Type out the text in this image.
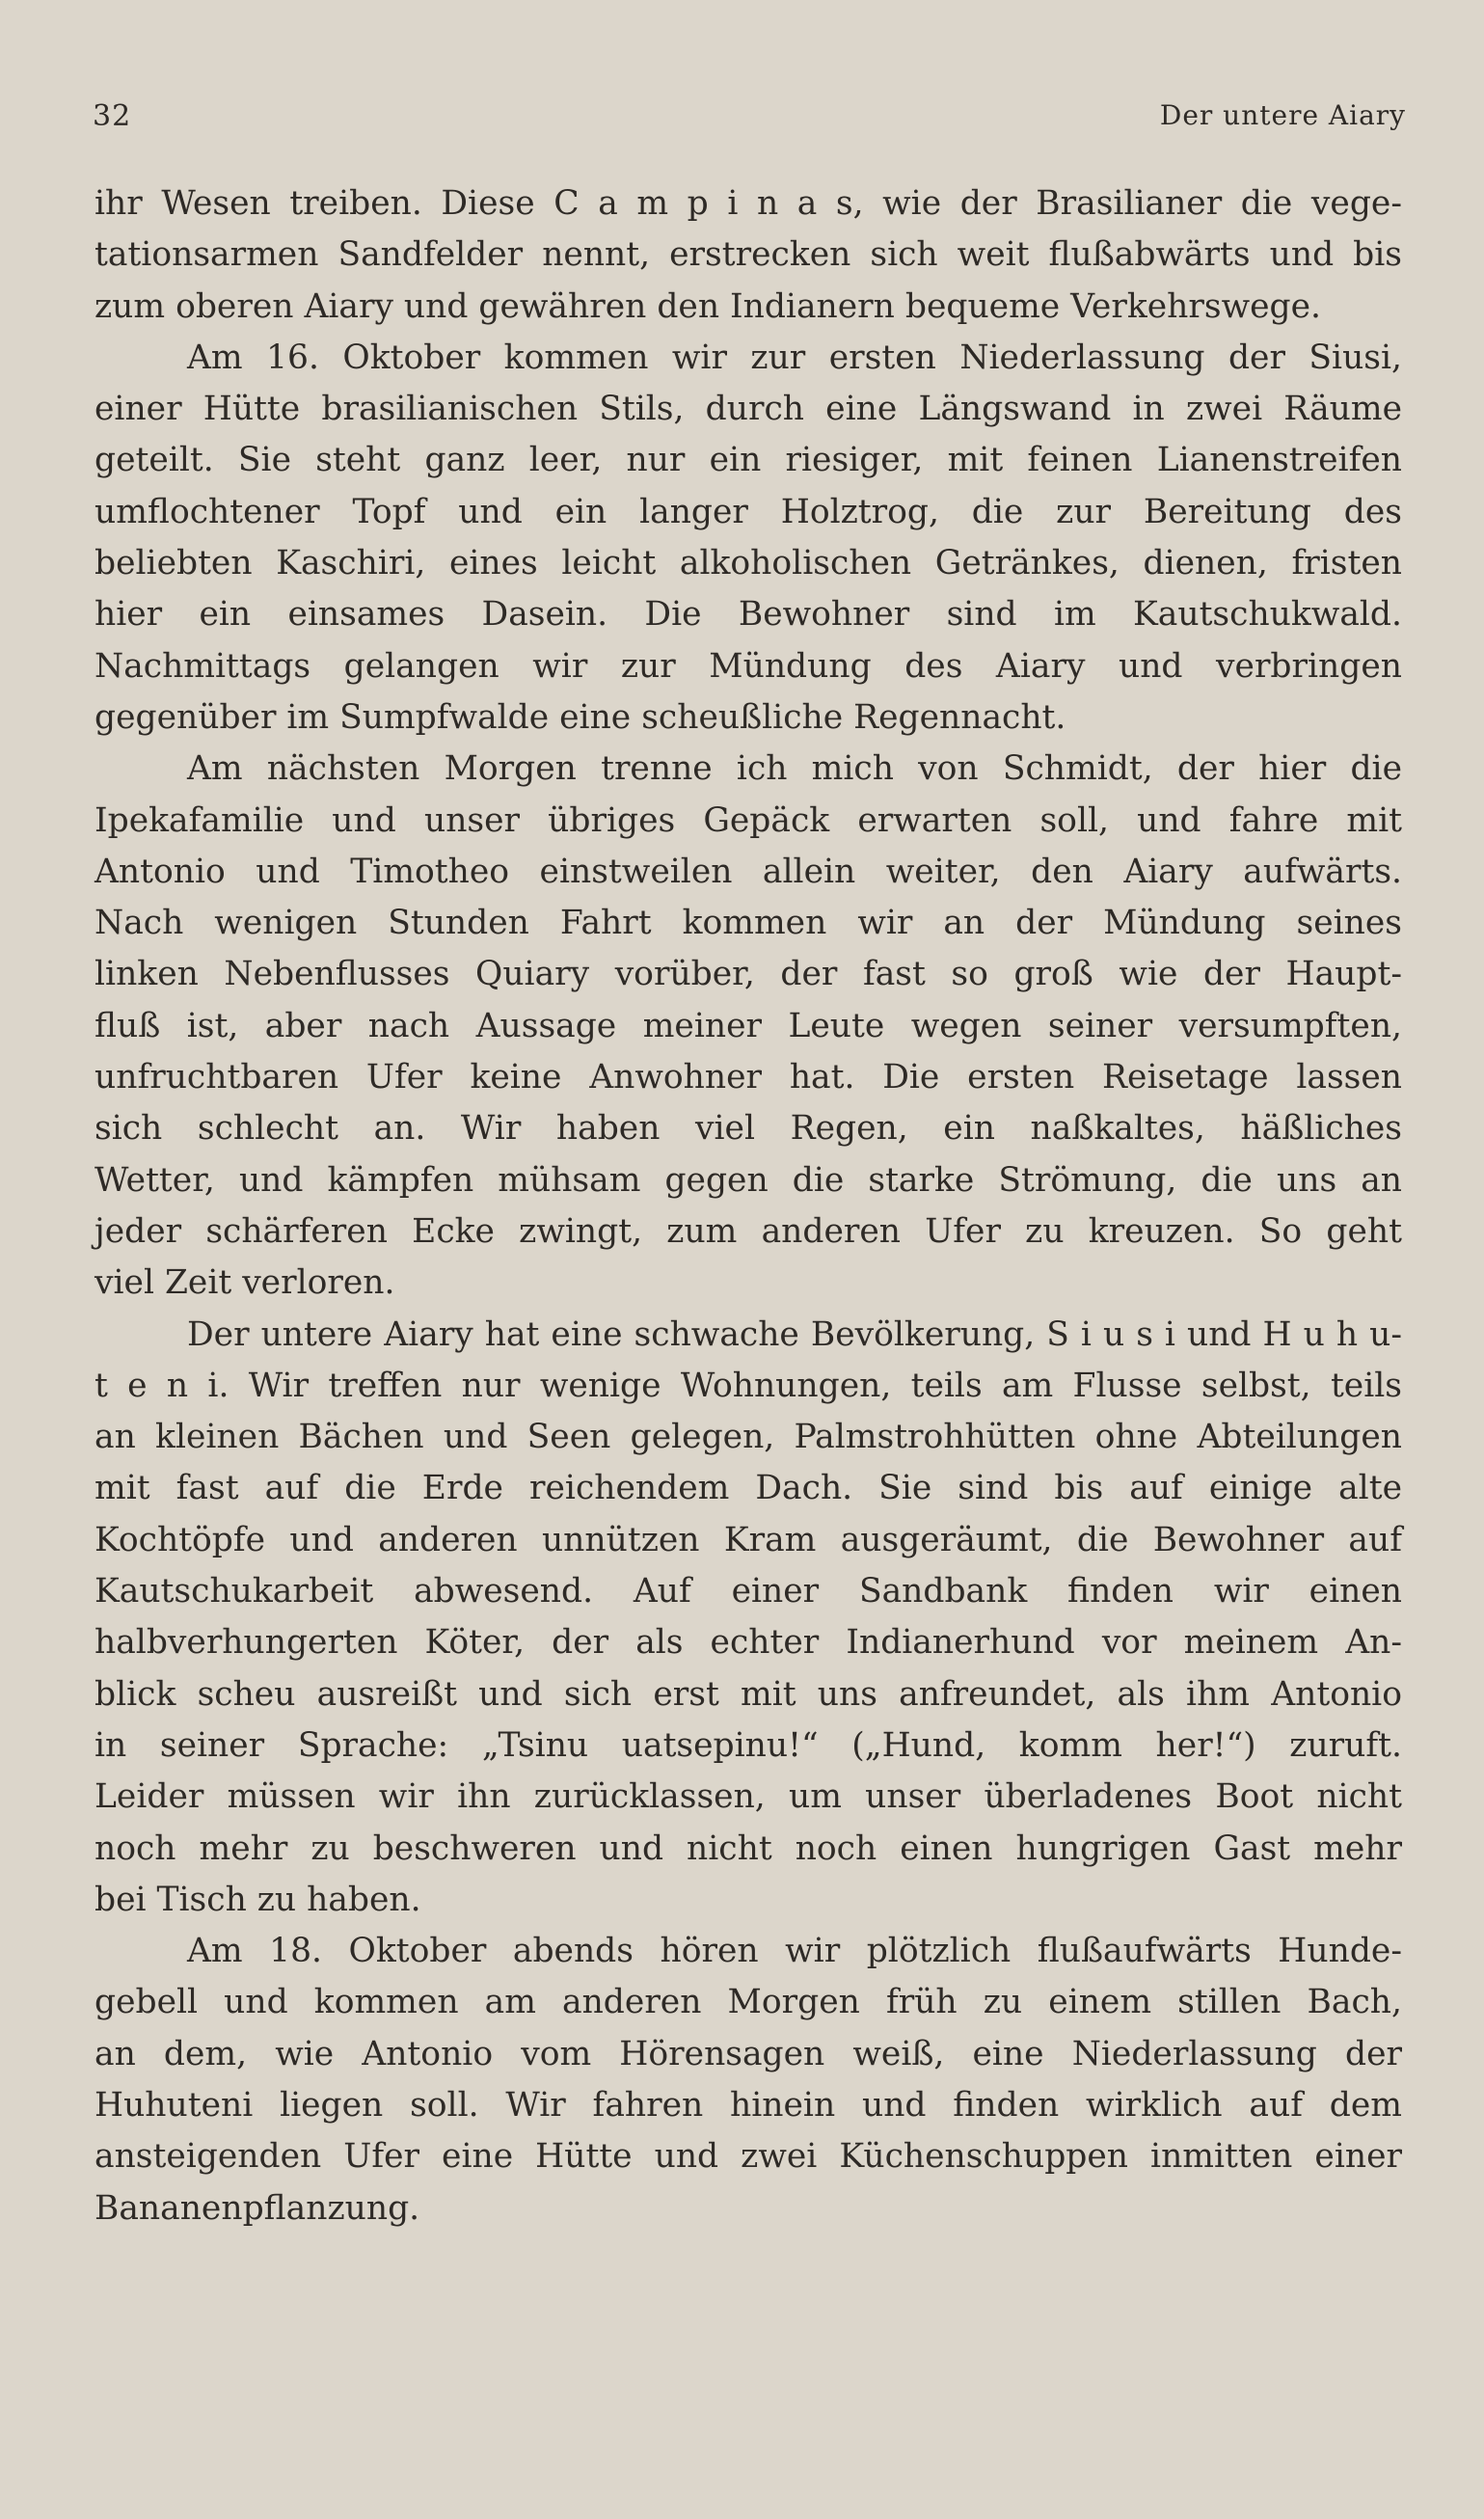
32	Der untere Aiary
ihr Wesen treiben. Diese C a m p i n a s, wie der Brasilianer die vege-
tationsarmen Sandfelder nennt, erstrecken sich weit flußabwärts und bis
zum oberen Aiary und gewähren den Indianern bequeme Verkehrswege.
Am 16. Oktober kommen wir zur ersten Niederlassung der Siusi,
einer Hütte brasilianischen Stils, durch eine Längswand in zwei Räume
geteilt. Sie steht ganz leer, nur ein riesiger, mit feinen Lianenstreifen
umflochtener Topf und ein langer Holztrog, die zur Bereitung des
beliebten Kaschiri, eines leicht alkoholischen Getränkes, dienen, fristen
hier ein einsames Dasein. Die Bewohner sind im Kautschukwald.
Nachmittags gelangen wir zur Mündung des Aiary und verbringen
gegenüber im Sumpfwalde eine scheußliche Regennacht.
Am nächsten Morgen trenne ich mich von Schmidt, der hier die
Ipekafamilie und unser übriges Gepäck erwarten soll, und fahre mit
Antonio und Timotheo einstweilen allein weiter, den Aiary aufwärts.
Nach wenigen Stunden Fahrt kommen wir an der Mündung seines
linken Nebenflusses Quiary vorüber, der fast so groß wie der Haupt-
fluß ist, aber nach Aussage meiner Leute wegen seiner versumpften,
unfruchtbaren Ufer keine Anwohner hat. Die ersten Reisetage lassen
sich schlecht an. Wir haben viel Regen, ein naßkaltes, häßliches
Wetter, und kämpfen mühsam gegen die starke Strömung, die uns an
jeder schärferen Ecke zwingt, zum anderen Ufer zu kreuzen. So geht
viel Zeit verloren.
Der untere Aiary hat eine schwache Bevölkerung, S i u s i und H u h u-
t e n i. Wir treffen nur wenige Wohnungen, teils am Flusse selbst, teils
an kleinen Bächen und Seen gelegen, Palmstrohhütten ohne Abteilungen
mit fast auf die Erde reichendem Dach. Sie sind bis auf einige alte
Kochtöpfe und anderen unnützen Kram ausgeräumt, die Bewohner auf
Kautschukarbeit abwesend. Auf einer Sandbank finden wir einen
halbverhungerten Köter, der als echter Indianerhund vor meinem An-
blick scheu ausreißt und sich erst mit uns anfreundet, als ihm Antonio
in seiner Sprache: „Tsinu uatsepinu!“ („Hund, komm her!“) zuruft.
Leider müssen wir ihn zurücklassen, um unser überladenes Boot nicht
noch mehr zu beschweren und nicht noch einen hungrigen Gast mehr
bei Tisch zu haben.
Am 18. Oktober abends hören wir plötzlich flußaufwärts Hunde-
gebell und kommen am anderen Morgen früh zu einem stillen Bach,
an dem, wie Antonio vom Hörensagen weiß, eine Niederlassung der
Huhuteni liegen soll. Wir fahren hinein und finden wirklich auf dem
ansteigenden Ufer eine Hütte und zwei Küchenschuppen inmitten einer
Bananenpflanzung.
